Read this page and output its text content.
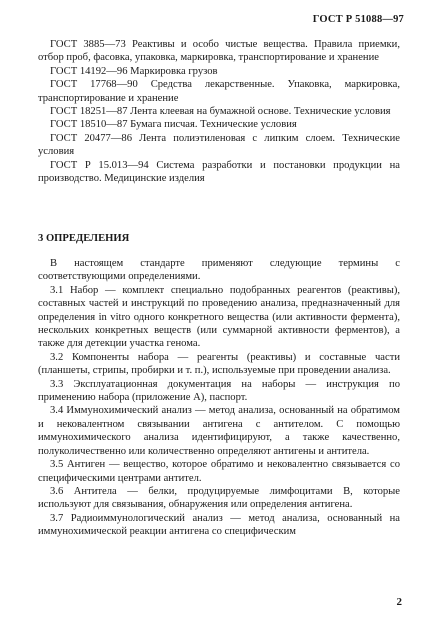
ГОСТ Р 51088—97

ГОСТ 3885—73 Реактивы и особо чистые вещества. Правила приемки, отбор проб, фасовка, упаковка, маркировка, транспортирование и хранение

ГОСТ 14192—96 Маркировка грузов

ГОСТ 17768—90 Средства лекарственные. Упаковка, маркировка, транспортирование и хранение

ГОСТ 18251—87 Лента клеевая на бумажной основе. Технические условия

ГОСТ 18510—87 Бумага писчая. Технические условия

ГОСТ 20477—86 Лента полиэтиленовая с липким слоем. Технические условия

ГОСТ Р 15.013—94 Система разработки и постановки продукции на производство. Медицинские изделия

3 ОПРЕДЕЛЕНИЯ

В настоящем стандарте применяют следующие термины с соответствующими определениями.

3.1 Набор — комплект специально подобранных реагентов (реактивы), составных частей и инструкций по проведению анализа, предназначенный для определения in vitro одного конкретного вещества (или активности фермента), нескольких конкретных веществ (или суммарной активности ферментов), а также для детекции участка генома.

3.2 Компоненты набора — реагенты (реактивы) и составные части (планшеты, стрипы, пробирки и т. п.), используемые при проведении анализа.

3.3 Эксплуатационная документация на наборы — инструкция по применению набора (приложение А), паспорт.

3.4 Иммунохимический анализ — метод анализа, основанный на обратимом и нековалентном связывании антигена с антителом. С помощью иммунохимического анализа идентифицируют, а также качественно, полуколичественно или количественно определяют антигены и антитела.

3.5 Антиген — вещество, которое обратимо и нековалентно связывается со специфическими центрами антител.

3.6 Антитела — белки, продуцируемые лимфоцитами В, которые используют для связывания, обнаружения или определения антигена.

3.7 Радиоиммунологический анализ — метод анализа, основанный на иммунохимической реакции антигена со специфическим

2
